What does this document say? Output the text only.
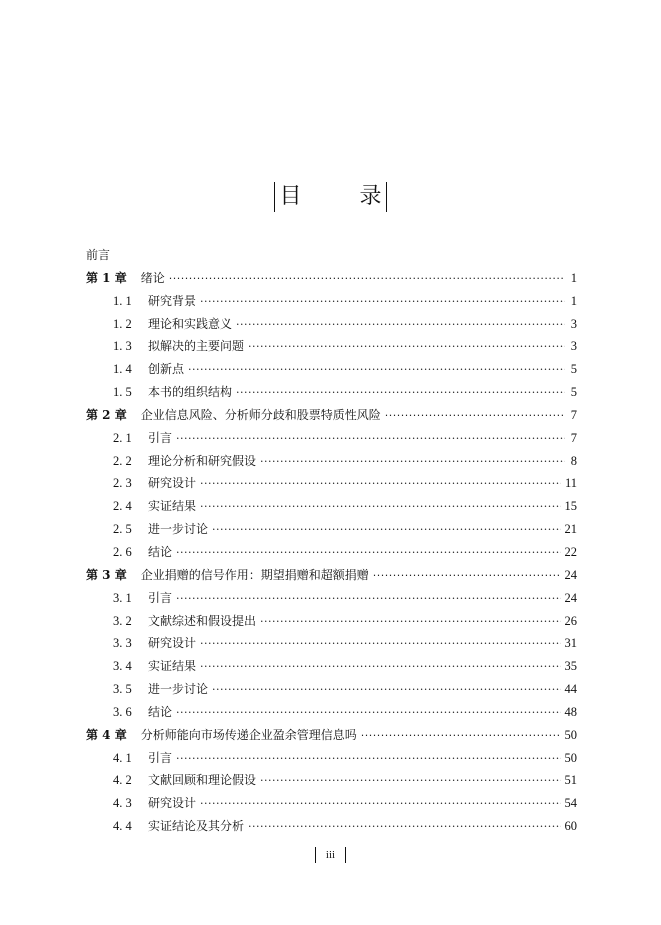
目	录
前言
第 1 章 绪论 ·····	1
1. 1	研究背景 ·····	1
1. 2	理论和实践意义 ·····	3
1. 3	拟解决的主要问题 ·····	3
1. 4	创新点 ·····	5
1. 5	本书的组织结构 ·····	5
第 2 章 企业信息风险、分析师分歧和股票特质性风险 ·····	7
2. 1	引言 ·····	7
2. 2	理论分析和研究假设 ·····	8
2. 3	研究设计 ·····	11
2. 4	实证结果 ·····	15
2. 5	进一步讨论 ·····	21
2. 6	结论 ·····	22
第 3 章 企业捐赠的信号作用：期望捐赠和超额捐赠 ·····	24
3. 1	引言 ·····	24
3. 2	文献综述和假设提出 ·····	26
3. 3	研究设计 ·····	31
3. 4	实证结果 ·····	35
3. 5	进一步讨论 ·····	44
3. 6	结论 ·····	48
第 4 章 分析师能向市场传递企业盈余管理信息吗 ·····	50
4. 1	引言 ·····	50
4. 2	文献回顾和理论假设 ·····	51
4. 3	研究设计 ·····	54
4. 4	实证结论及其分析 ·····	60
iii
